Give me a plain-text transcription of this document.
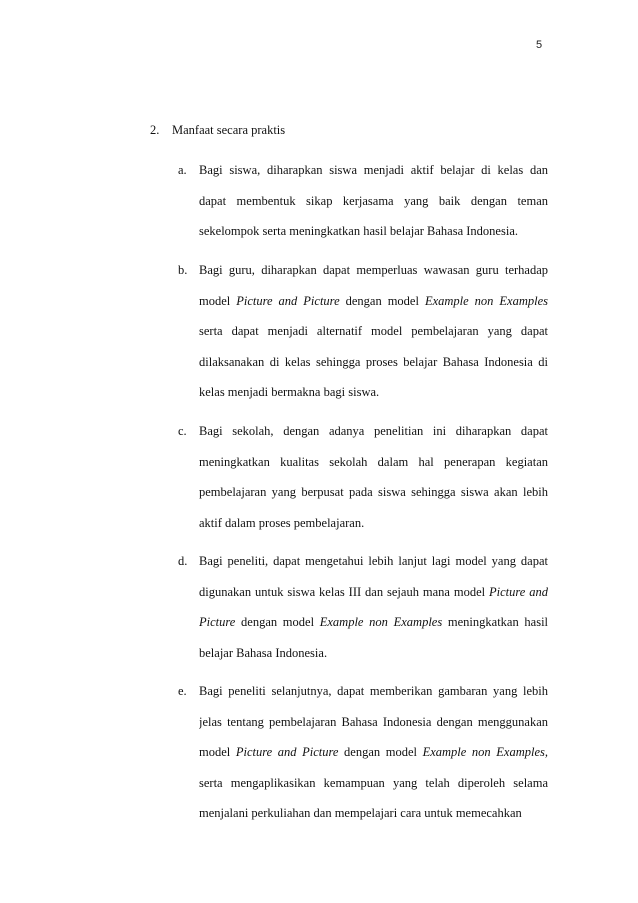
5
2.	Manfaat secara praktis
a. Bagi siswa, diharapkan siswa menjadi aktif belajar di kelas dan
dapat membentuk sikap kerjasama yang baik dengan teman
sekelompok serta meningkatkan hasil belajar Bahasa Indonesia.
b. Bagi guru, diharapkan dapat memperluas wawasan guru terhadap
model Picture and Picture dengan model Example non Examples
serta dapat menjadi alternatif model pembelajaran yang dapat
dilaksanakan di kelas sehingga proses belajar Bahasa Indonesia di
kelas menjadi bermakna bagi siswa.
c. Bagi sekolah, dengan adanya penelitian ini diharapkan dapat
meningkatkan kualitas sekolah dalam hal penerapan kegiatan
pembelajaran yang berpusat pada siswa sehingga siswa akan lebih
aktif dalam proses pembelajaran.
d. Bagi peneliti, dapat mengetahui lebih lanjut lagi model yang dapat
digunakan untuk siswa kelas III dan sejauh mana model Picture and
Picture dengan model Example non Examples meningkatkan hasil
belajar Bahasa Indonesia.
e. Bagi peneliti selanjutnya, dapat memberikan gambaran yang lebih
jelas tentang pembelajaran Bahasa Indonesia dengan menggunakan
model Picture and Picture dengan model Example non Examples,
serta mengaplikasikan kemampuan yang telah diperoleh selama
menjalani perkuliahan dan mempelajari cara untuk memecahkan
